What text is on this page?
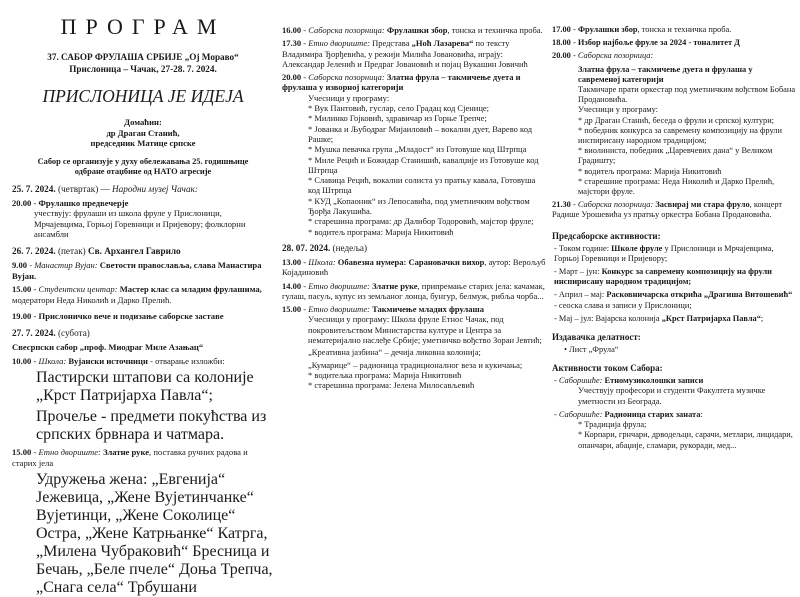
ПРОГРАМ
37. САБОР ФРУЛАША СРБИЈЕ „Ој Мораво“
Прислоница – Чачак, 27-28. 7. 2024.
ПРИСЛОНИЦА ЈЕ ИДЕЈА
Домаћин:
др Драган Станић,
председник Матице српске
Сабор се организује у духу обележавања 25. годишњице
одбране отаџбине од НАТО агресије
25. 7. 2024. (четвртак) — Народни музеј Чачак:
20.00 - Фрулашко предвечерје
учествују: фрулаши из школа фруле у Прислоници, Мрчајевцима, Горњој Горевници и Пријевору; фолклорни ансамбли
26. 7. 2024. (петак) Св. Архангел Гаврило
9.00 - Манастир Вујан: Светости православља, слава Манастира Вујан.
15.00 - Студентски центар: Мастер клас са младим фрулашима, модератори Неда Николић и Дарко Прелић.
19.00 - Прислоничко вече и подизање саборске заставе
27. 7. 2024. (субота)
Свесрпски сабор „проф. Миодраг Миле Азањац“
10.00 - Школа: Вујански источници - отварање изложби:
Пастирски штапови са колоније „Крст Патријарха Павла“;
Прочеље - предмети покућства из српских брвнара и чатмара.
15.00 - Етно двориште: Златне руке, поставка ручних радова и старих јела
Удружења жена: „Евгенија“ Јежевица, „Жене Вујетинчанке“ Вујетинци, „Жене Соколице“ Остра, „Жене Катрњанке“ Катрга, „Милена Чубраковић“ Бресница и Бечањ, „Беле пчеле“ Доња Трепча, „Снага села“ Трбушани
16.00 - Саборска позорница: Фрулашки збор, тонска и техничка проба.
17.30 - Етно двориште: Представа „Ноћ Лазарева“ по тексту Владимира Ђорђевића, у режији Милића Јовановића, играју: Александар Јеленић и Предраг Јовановић и појац Вукашин Јовичић
20.00 - Саборска позорница: Златна фрула – такмичење дуета и фрулаша у изворној категорији
Учесници у програму:
* Вук Пантовић, гуслар, село Градац код Сјенице;
* Милинко Гојковић, здравичар из Горње Трепче;
* Јованка и Љубодраг Мијаиловић – вокални дует, Варево код Рашке;
* Мушка певачка група „Младост“ из Готовуше код Штрпца
* Миле Рецић и Божидар Станишић, кавалџије из Готовуше код Штрпца
* Славица Рецић, вокални солиста уз пратњу кавала, Готовуша код Штрпца
* КУД „Копаоник“ из Лепосавића, под уметничким вођством Ђорђа Лакушића.
* старешина програма: др Далибор Тодоровић, мајстор фруле;
* водитељ програма: Марија Никитовић
28. 07. 2024. (недеља)
13.00 - Школа: Обавезна нумера: Сарановачки вихор, аутор: Верољуб Којадиновић
14.00 - Етно двориште: Златне руке, припремање старих јела: качамак, гулаш, пасуљ, купус из земљаног лонца, бунгур, белмуж, рибља чорба...
15.00 - Етно двориште: Такмичење младих фрулаша
Учесници у програму: Школа фруле Етнос Чачак, под покровитељством Министарства културе и Центра за нематеријално наслеђе Србије; уметничко вођство Зоран Јевтић;
„Креативна јазбина“ – дечија ликовна колонија;
„Кумарице“ – радионица традиционалног веза и кукичања;
* водитељка програма: Марија Никитовић
* старешина програма: Јелена Милосављевић
17.00 - Фрулашки збор, тонска и техничка проба.
18.00 - Избор најбоље фруле за 2024 - тоналитет Д
20.00 - Саборска позорница:
Златна фрула – такмичење дуета и фрулаша у савременој категорији
Такмичаре прати оркестар под уметничким вођством Бобана Продановића.
Учесници у програму:
* др Драган Станић, беседа о фрули и српској култури;
* победник конкурса за савремену композицију на фрули инспирисану народном традицијом;
* виолинистa, победник „Царевчевих дана“ у Великом Градишту;
* водитељ програма: Марија Никитовић
* старешине програма: Неда Николић и Дарко Прелић, мајстори фруле.
21.30 - Саборска позорница: Засвирај ми стара фруло, концерт Радише Урошевића уз пратњу оркестра Бобана Продановића.
Предсаборске активности:
- Током године: Школе фруле у Прислоници и Мрчајевцима, Горњој Горевници и Пријевору;
- Март – јун: Конкурс за савремену композицију на фрули инспирисану народном традицијом;
- Април – мај: Расковничарска открића „Драгиша Витошевић“ - сеоска слава и записи у Прислоници;
- Мај – јул: Вајарска колонија „Крст Патријарха Павла“;
Издавачка делатност:
• Лист „Фрула“
Активности током Сабора:
- Саборишће: Етномузиколошки записи
Учествују професори и студенти Факултета музичке уметности из Београда.
- Саборишће: Радионица старих заната:
* Традиција фрула;
* Корпари, грнчари, дрводељци, сарачи, метлари, лицидари, опанчари, абаџије, сламари, рукоради, мед...
